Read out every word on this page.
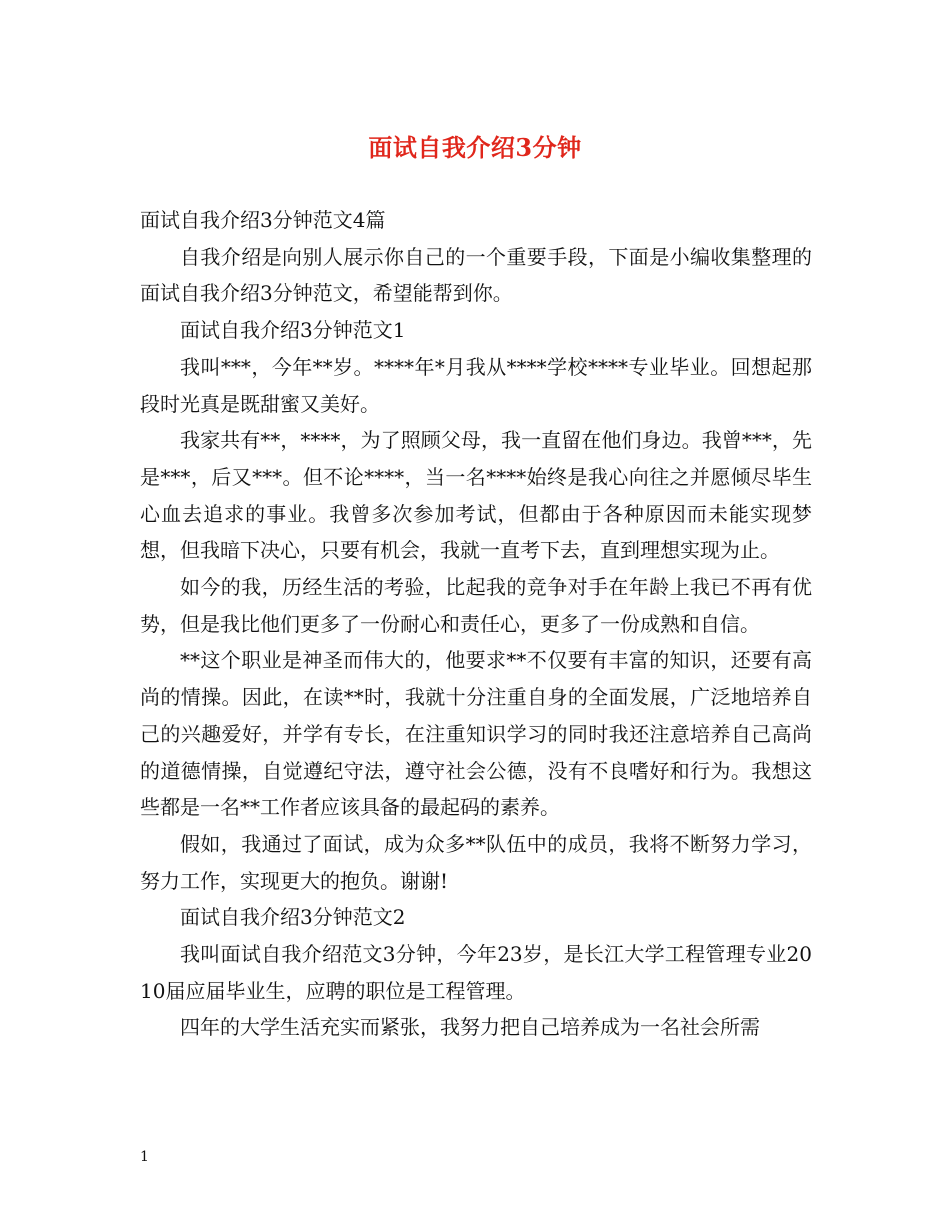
面试自我介绍3分钟

面试自我介绍3分钟范文4篇

自我介绍是向别人展示你自己的一个重要手段，下面是小编收集整理的面试自我介绍3分钟范文，希望能帮到你。

面试自我介绍3分钟范文1

我叫***，今年**岁。****年*月我从****学校****专业毕业。回想起那段时光真是既甜蜜又美好。

我家共有**，****，为了照顾父母，我一直留在他们身边。我曾***，先是***，后又***。但不论****，当一名****始终是我心向往之并愿倾尽毕生心血去追求的事业。我曾多次参加考试，但都由于各种原因而未能实现梦想，但我暗下决心，只要有机会，我就一直考下去，直到理想实现为止。

如今的我，历经生活的考验，比起我的竞争对手在年龄上我已不再有优势，但是我比他们更多了一份耐心和责任心，更多了一份成熟和自信。

**这个职业是神圣而伟大的，他要求**不仅要有丰富的知识，还要有高尚的情操。因此，在读**时，我就十分注重自身的全面发展，广泛地培养自己的兴趣爱好，并学有专长，在注重知识学习的同时我还注意培养自己高尚的道德情操，自觉遵纪守法，遵守社会公德，没有不良嗜好和行为。我想这些都是一名**工作者应该具备的最起码的素养。

假如，我通过了面试，成为众多**队伍中的成员，我将不断努力学习，努力工作，实现更大的抱负。谢谢!

面试自我介绍3分钟范文2

我叫面试自我介绍范文3分钟，今年23岁，是长江大学工程管理专业2010届应届毕业生，应聘的职位是工程管理。

四年的大学生活充实而紧张，我努力把自己培养成为一名社会所需

1
